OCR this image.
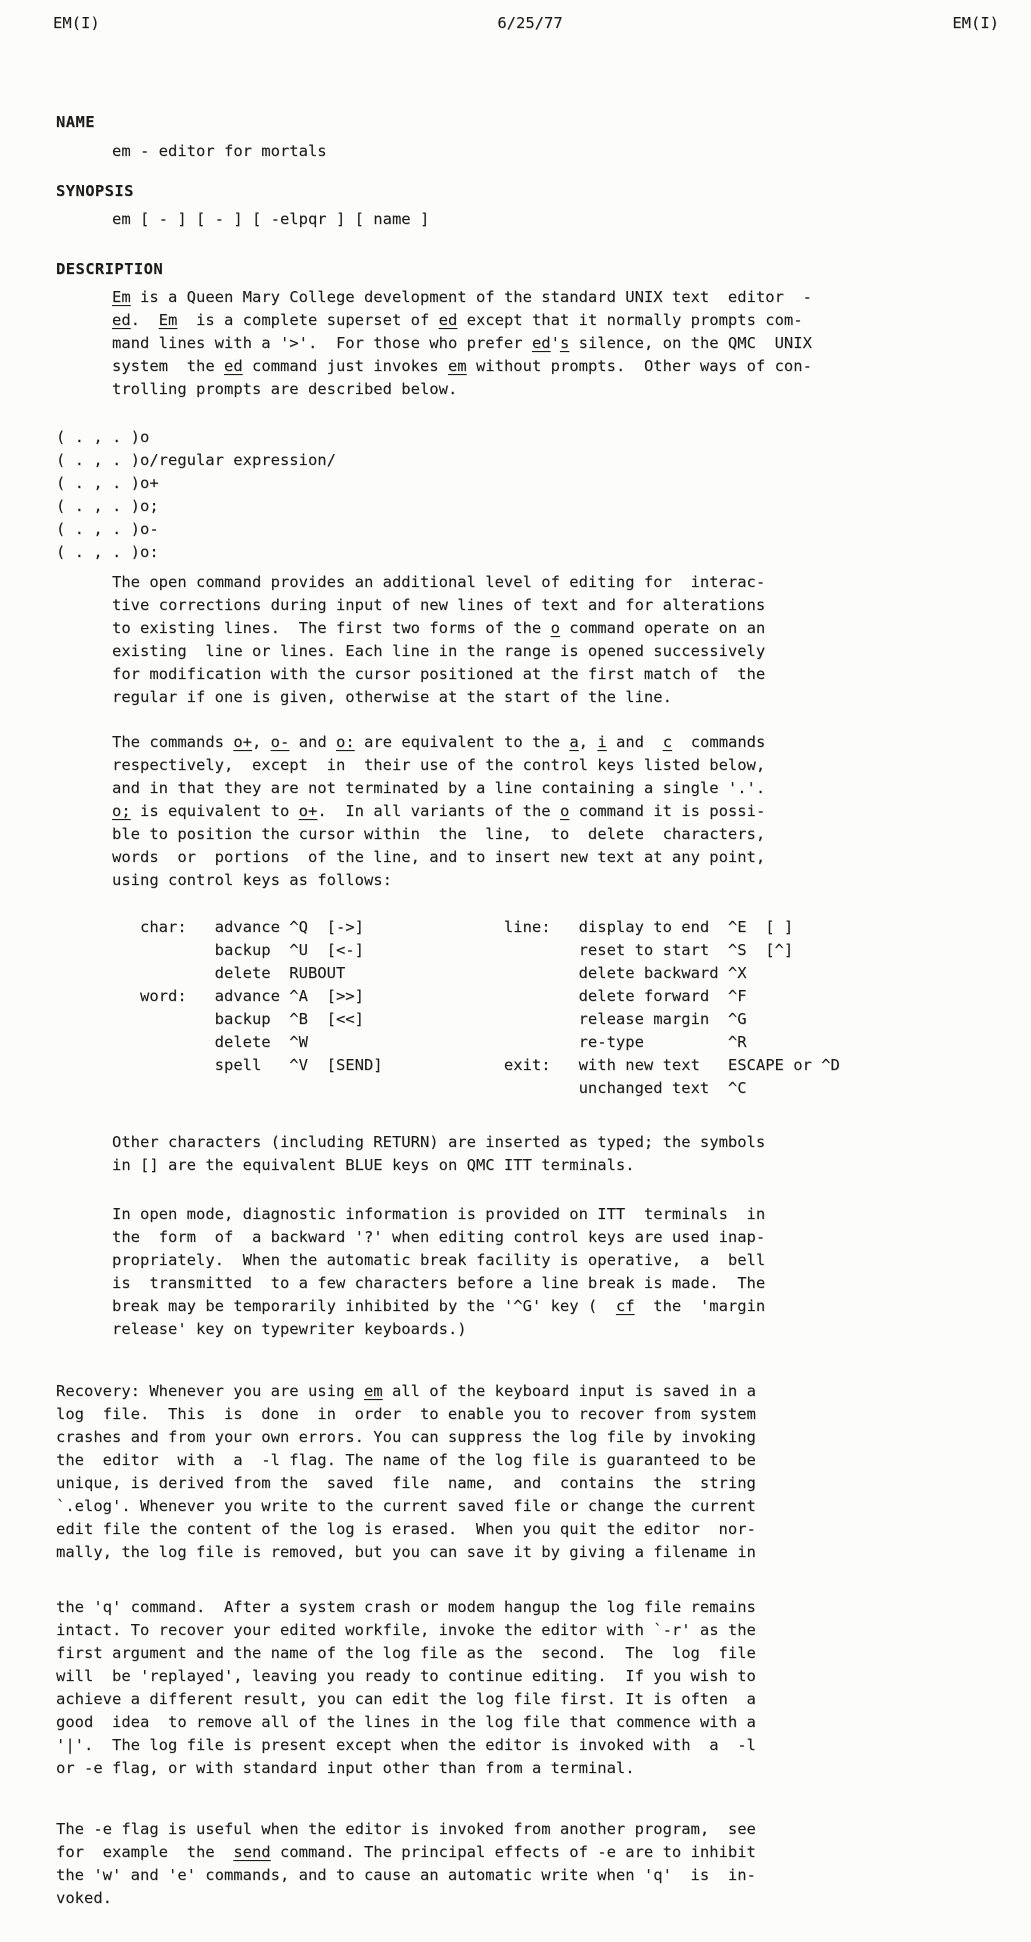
EM(I)	6/25/77	EM(I)
NAME
em - editor for mortals
SYNOPSIS
em [ - ] [ - ] [ -elpqr ] [ name ]
DESCRIPTION
Em is a Queen Mary College development of the standard UNIX text  editor  -
ed.  Em  is a complete superset of ed except that it normally prompts com-
mand lines with a '>'.  For those who prefer ed's silence, on the QMC  UNIX
system  the ed command just invokes em without prompts.  Other ways of con-
trolling prompts are described below.
( . , . )o
( . , . )o/regular expression/
( . , . )o+
( . , . )o;
( . , . )o-
( . , . )o:
The open command provides an additional level of editing for  interac-
tive corrections during input of new lines of text and for alterations
to existing lines.  The first two forms of the o command operate on an
existing  line or lines. Each line in the range is opened successively
for modification with the cursor positioned at the first match of  the
regular if one is given, otherwise at the start of the line.
The commands o+, o- and o: are equivalent to the a, i and  c  commands
respectively,  except  in  their use of the control keys listed below,
and in that they are not terminated by a line containing a single '.'.
o; is equivalent to o+.  In all variants of the o command it is possi-
ble to position the cursor within  the  line,  to  delete  characters,
words  or  portions  of the line, and to insert new text at any point,
using control keys as follows:
char:   advance ^Q  [->]               line:   display to end  ^E  [ ]
backup  ^U  [<-]                       reset to start  ^S  [^]
delete  RUBOUT                         delete backward ^X
word:   advance ^A  [>>]                       delete forward  ^F
backup  ^B  [<<]                       release margin  ^G
delete  ^W                             re-type         ^R
spell   ^V  [SEND]             exit:   with new text   ESCAPE or ^D
unchanged text  ^C
Other characters (including RETURN) are inserted as typed; the symbols
in [] are the equivalent BLUE keys on QMC ITT terminals.
In open mode, diagnostic information is provided on ITT  terminals  in
the  form  of  a backward '?' when editing control keys are used inap-
propriately.  When the automatic break facility is operative,  a  bell
is  transmitted  to a few characters before a line break is made.  The
break may be temporarily inhibited by the '^G' key (  cf  the  'margin
release' key on typewriter keyboards.)
Recovery: Whenever you are using em all of the keyboard input is saved in a
log  file.  This  is  done  in  order  to enable you to recover from system
crashes and from your own errors. You can suppress the log file by invoking
the  editor  with  a  -l flag. The name of the log file is guaranteed to be
unique, is derived from the  saved  file  name,  and  contains  the  string
`.elog'. Whenever you write to the current saved file or change the current
edit file the content of the log is erased.  When you quit the editor  nor-
mally, the log file is removed, but you can save it by giving a filename in
the 'q' command.  After a system crash or modem hangup the log file remains
intact. To recover your edited workfile, invoke the editor with `-r' as the
first argument and the name of the log file as the  second.  The  log  file
will  be 'replayed', leaving you ready to continue editing.  If you wish to
achieve a different result, you can edit the log file first. It is often  a
good  idea  to remove all of the lines in the log file that commence with a
'|'.  The log file is present except when the editor is invoked with  a  -l
or -e flag, or with standard input other than from a terminal.
The -e flag is useful when the editor is invoked from another program,  see
for  example  the  send command. The principal effects of -e are to inhibit
the 'w' and 'e' commands, and to cause an automatic write when 'q'  is  in-
voked.
